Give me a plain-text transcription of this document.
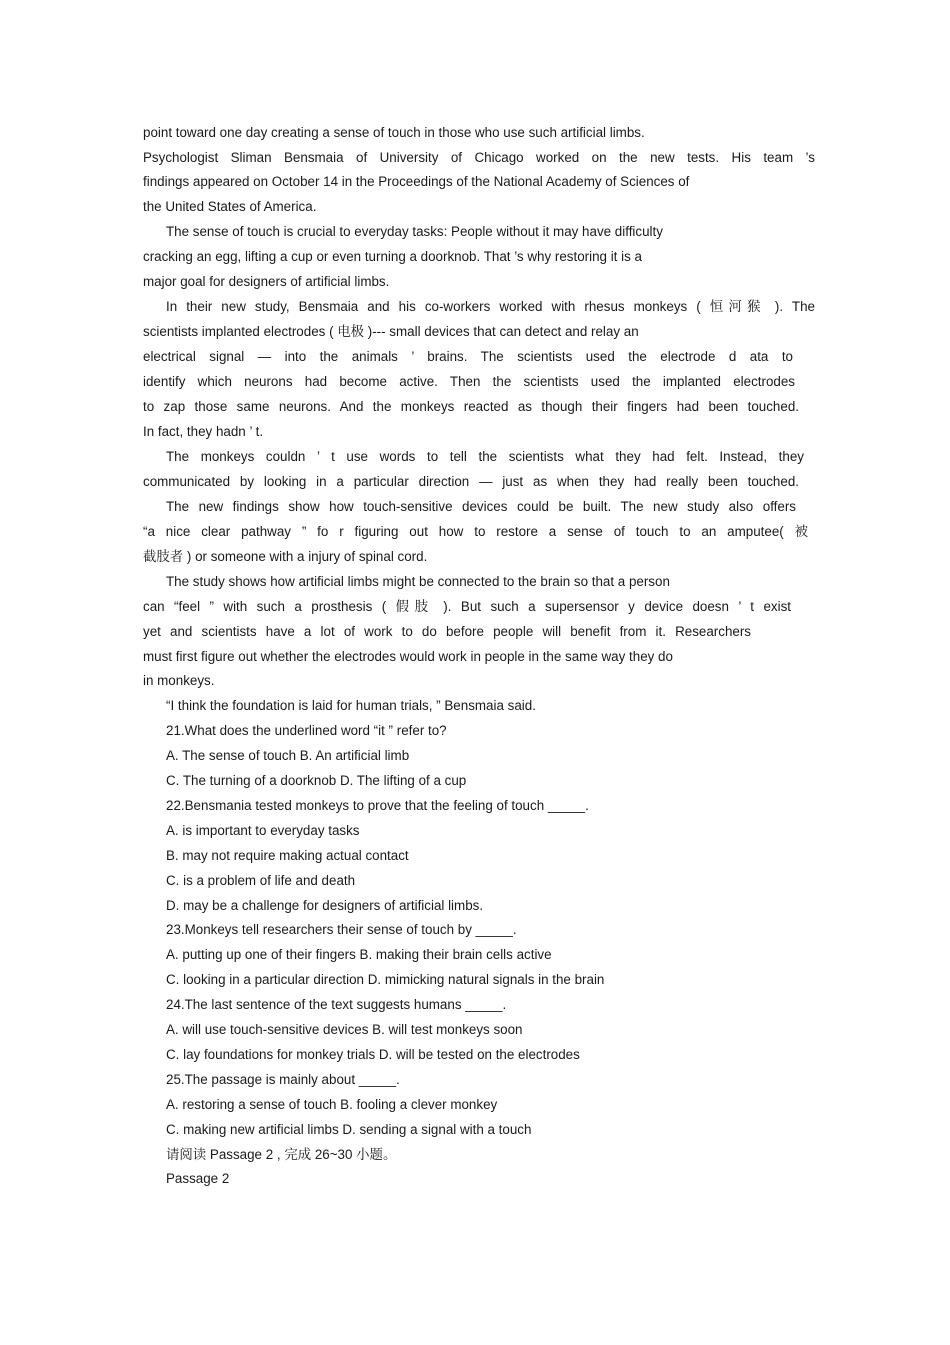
point toward one day creating a sense of touch in those who use such artificial limbs.
Psychologist Sliman Bensmaia of University of Chicago worked on the new tests. His team ’s
findings appeared on October 14 in the Proceedings of the National Academy of Sciences of
the United States of America.
The sense of touch is crucial to everyday tasks: People without it may have difficulty
cracking an egg, lifting a cup or even turning a doorknob. That ’s why restoring it is a
major goal for designers of artificial limbs.
In their new study, Bensmaia and his co-workers worked with rhesus monkeys ( 恒河猴 ). The
scientists implanted electrodes ( 电极 )--- small devices that can detect and relay an
electrical signal — into the animals ’ brains. The scientists used the electrode d ata to
identify which neurons had become active. Then the scientists used the implanted electrodes
to zap those same neurons. And the monkeys reacted as though their fingers had been touched.
In fact, they hadn ’ t.
The monkeys couldn ’ t use words to tell the scientists what they had felt. Instead, they
communicated by looking in a particular direction — just as when they had really been touched.
The new findings show how touch-sensitive devices could be built. The new study also offers
“a nice clear pathway ” fo r figuring out how to restore a sense of touch to an amputee( 被
截肢者 ) or someone with a injury of spinal cord.
The study shows how artificial limbs might be connected to the brain so that a person
can “feel ” with such a prosthesis ( 假肢 ). But such a supersensor y device doesn ’ t exist
yet and scientists have a lot of work to do before people will benefit from it. Researchers
must first figure out whether the electrodes would work in people in the same way they do
in monkeys.
“I think the foundation is laid for human trials, ” Bensmaia said.
21.What does the underlined word “it ” refer to?
A. The sense of touch B. An artificial limb
C. The turning of a doorknob D. The lifting of a cup
22.Bensmania tested monkeys to prove that the feeling of touch _____.
A. is important to everyday tasks
B. may not require making actual contact
C. is a problem of life and death
D. may be a challenge for designers of artificial limbs.
23.Monkeys tell researchers their sense of touch by _____.
A. putting up one of their fingers B. making their brain cells active
C. looking in a particular direction D. mimicking natural signals in the brain
24.The last sentence of the text suggests humans _____.
A. will use touch-sensitive devices B. will test monkeys soon
C. lay foundations for monkey trials D. will be tested on the electrodes
25.The passage is mainly about _____.
A. restoring a sense of touch B. fooling a clever monkey
C. making new artificial limbs D. sending a signal with a touch
请阅读 Passage 2 , 完成 26~30 小题。
Passage 2
